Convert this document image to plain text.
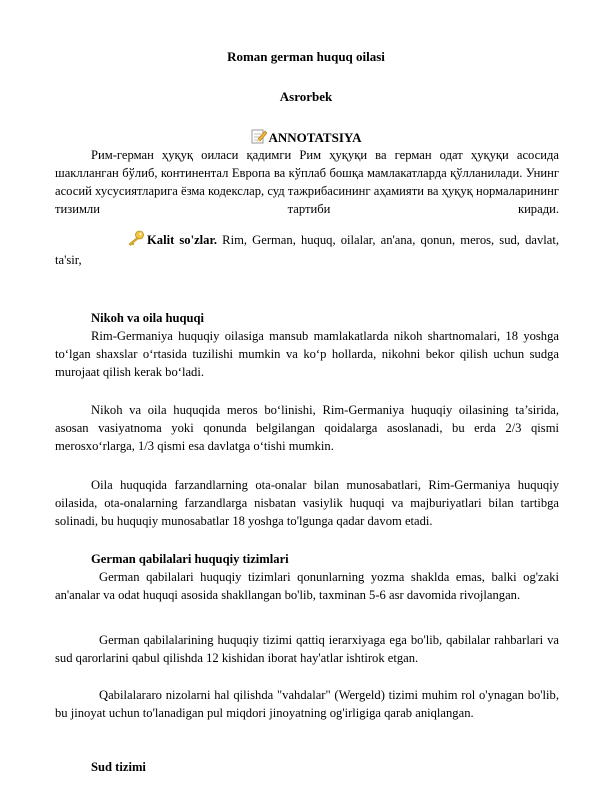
Roman german huquq oilasi
Asrorbek
ANNOTATSIYA
Рим-герман ҳуқуқ оиласи қадимги Рим ҳуқуқи ва герман одат ҳуқуқи асосида шаклланган бўлиб, континентал Европа ва кўплаб бошқа мамлакатларда қўлланилади. Унинг асосий хусусиятларига ёзма кодекслар, суд тажрибасининг аҳамияти ва ҳуқуқ нормаларининг тизимли тартиби киради.
Kalit so'zlar. Rim, German, huquq, oilalar, an'ana, qonun, meros, sud, davlat, ta'sir,
Nikoh va oila huquqi
Rim-Germaniya huquqiy oilasiga mansub mamlakatlarda nikoh shartnomalari, 18 yoshga to‘lgan shaxslar o‘rtasida tuzilishi mumkin va ko‘p hollarda, nikohni bekor qilish uchun sudga murojaat qilish kerak bo‘ladi.
Nikoh va oila huquqida meros bo‘linishi, Rim-Germaniya huquqiy oilasining ta’sirida, asosan vasiyatnoma yoki qonunda belgilangan qoidalarga asoslanadi, bu erda 2/3 qismi merosxo‘rlarga, 1/3 qismi esa davlatga o‘tishi mumkin.
Oila huquqida farzandlarning ota-onalar bilan munosabatlari, Rim-Germaniya huquqiy oilasida, ota-onalarning farzandlarga nisbatan vasiylik huquqi va majburiyatlari bilan tartibga solinadi, bu huquqiy munosabatlar 18 yoshga to'lgunga qadar davom etadi.
German qabilalari huquqiy tizimlari
German qabilalari huquqiy tizimlari qonunlarning yozma shaklda emas, balki og'zaki an'analar va odat huquqi asosida shakllangan bo'lib, taxminan 5-6 asr davomida rivojlangan.
German qabilalarining huquqiy tizimi qattiq ierarxiyaga ega bo'lib, qabilalar rahbarlari va sud qarorlarini qabul qilishda 12 kishidan iborat hay'atlar ishtirok etgan.
Qabilalararo nizolarni hal qilishda "vahdalar" (Wergeld) tizimi muhim rol o'ynagan bo'lib, bu jinoyat uchun to'lanadigan pul miqdori jinoyatning og'irligiga qarab aniqlangan.
Sud tizimi
